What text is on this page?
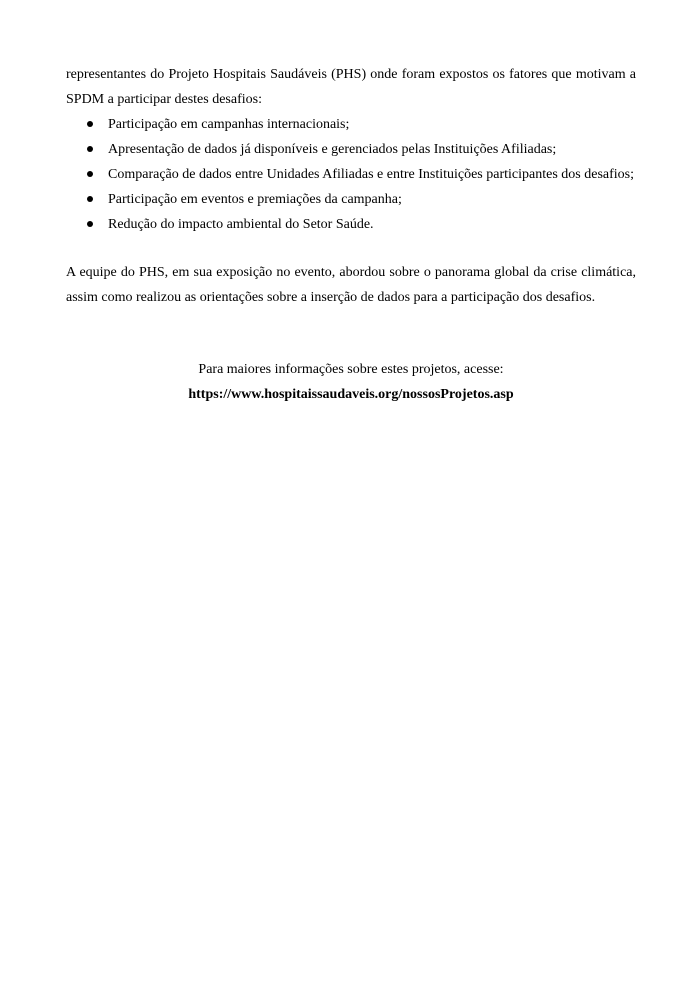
representantes do Projeto Hospitais Saudáveis (PHS) onde foram expostos os fatores que motivam a SPDM a participar destes desafios:

Participação em campanhas internacionais;
Apresentação de dados já disponíveis e gerenciados pelas Instituições Afiliadas;
Comparação de dados entre Unidades Afiliadas e entre Instituições participantes dos desafios;
Participação em eventos e premiações da campanha;
Redução do impacto ambiental do Setor Saúde.

A equipe do PHS, em sua exposição no evento, abordou sobre o panorama global da crise climática, assim como realizou as orientações sobre a inserção de dados para a participação dos desafios.

Para maiores informações sobre estes projetos, acesse:
https://www.hospitaissaudaveis.org/nossosProjetos.asp
